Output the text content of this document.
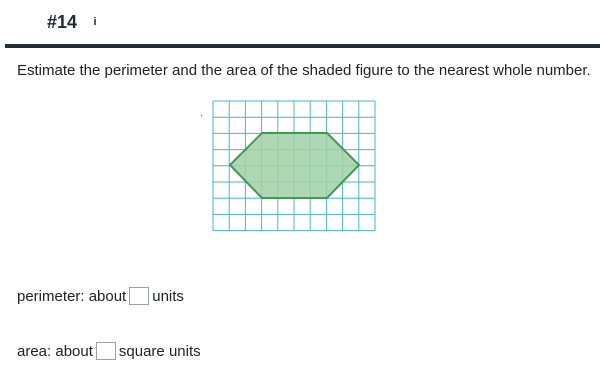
#14	i
Estimate the perimeter and the area of the shaded figure to the nearest whole number.
·
perimeter: about units
area: about square units
